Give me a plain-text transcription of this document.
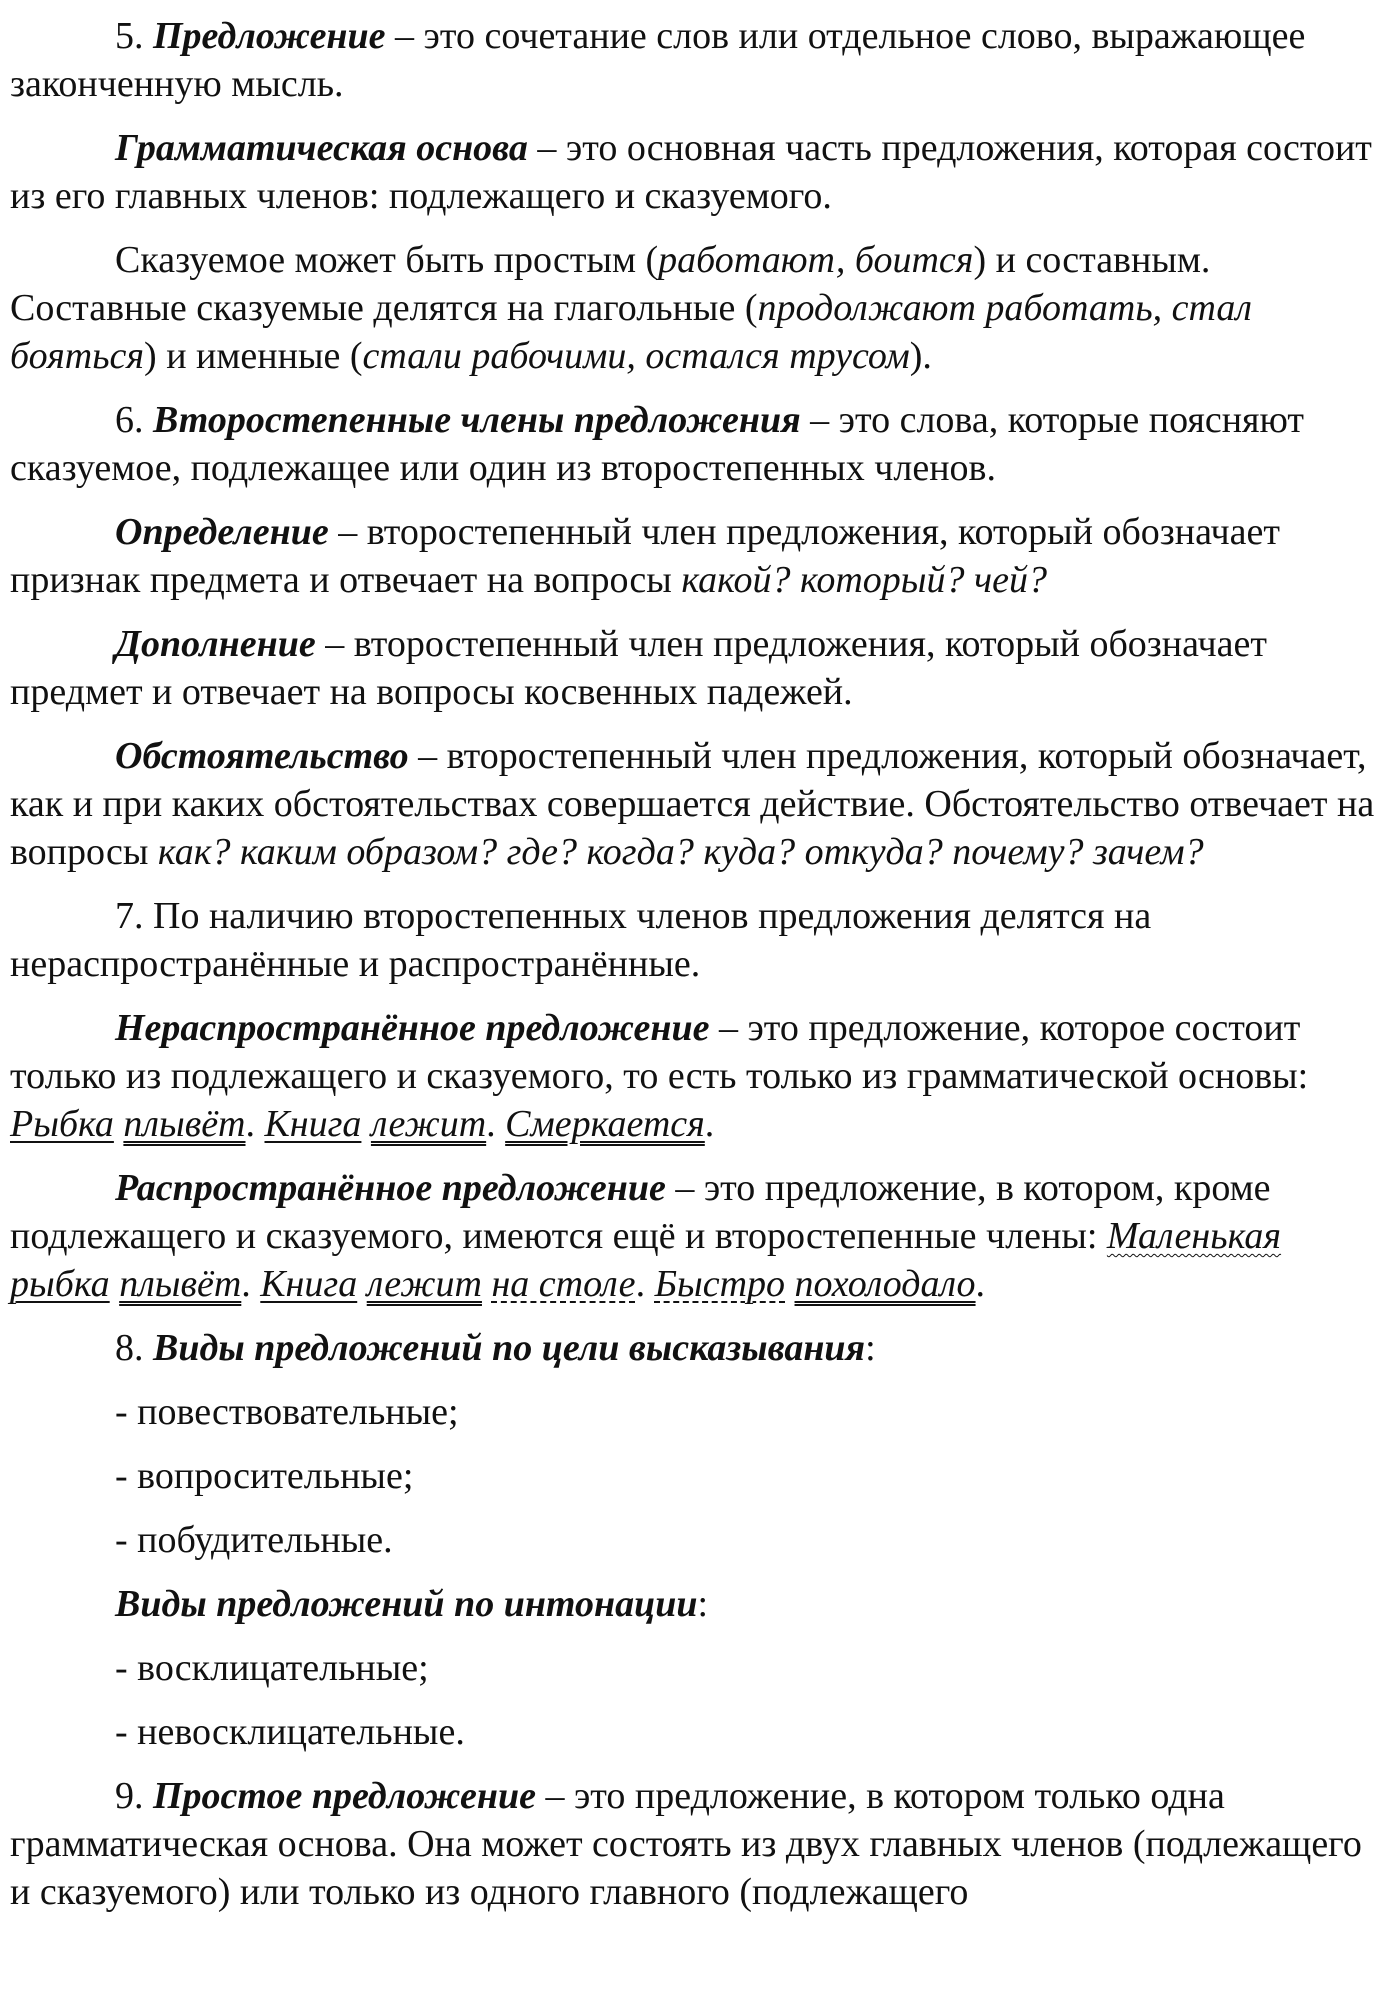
5. Предложение – это сочетание слов или отдельное слово, выражающее законченную мысль.

Грамматическая основа – это основная часть предложения, которая состоит из его главных членов: подлежащего и сказуемого.

Сказуемое может быть простым (работают, боится) и составным. Составные сказуемые делятся на глагольные (продолжают работать, стал бояться) и именные (стали рабочими, остался трусом).

6. Второстепенные члены предложения – это слова, которые поясняют сказуемое, подлежащее или один из второстепенных членов.

Определение – второстепенный член предложения, который обозначает признак предмета и отвечает на вопросы какой? который? чей?

Дополнение – второстепенный член предложения, который обозначает предмет и отвечает на вопросы косвенных падежей.

Обстоятельство – второстепенный член предложения, который обозначает, как и при каких обстоятельствах совершается действие. Обстоятельство отвечает на вопросы как? каким образом? где? когда? куда? откуда? почему? зачем?

7. По наличию второстепенных членов предложения делятся на нераспространённые и распространённые.

Нераспространённое предложение – это предложение, которое состоит только из подлежащего и сказуемого, то есть только из грамматической основы: Рыбка плывёт. Книга лежит. Смеркается.

Распространённое предложение – это предложение, в котором, кроме подлежащего и сказуемого, имеются ещё и второстепенные члены: Маленькая рыбка плывёт. Книга лежит на столе. Быстро похолодало.

8. Виды предложений по цели высказывания:

- повествовательные;

- вопросительные;

- побудительные.

Виды предложений по интонации:

- восклицательные;

- невосклицательные.

9. Простое предложение – это предложение, в котором только одна грамматическая основа. Она может состоять из двух главных членов (подлежащего и сказуемого) или только из одного главного (подлежащего
